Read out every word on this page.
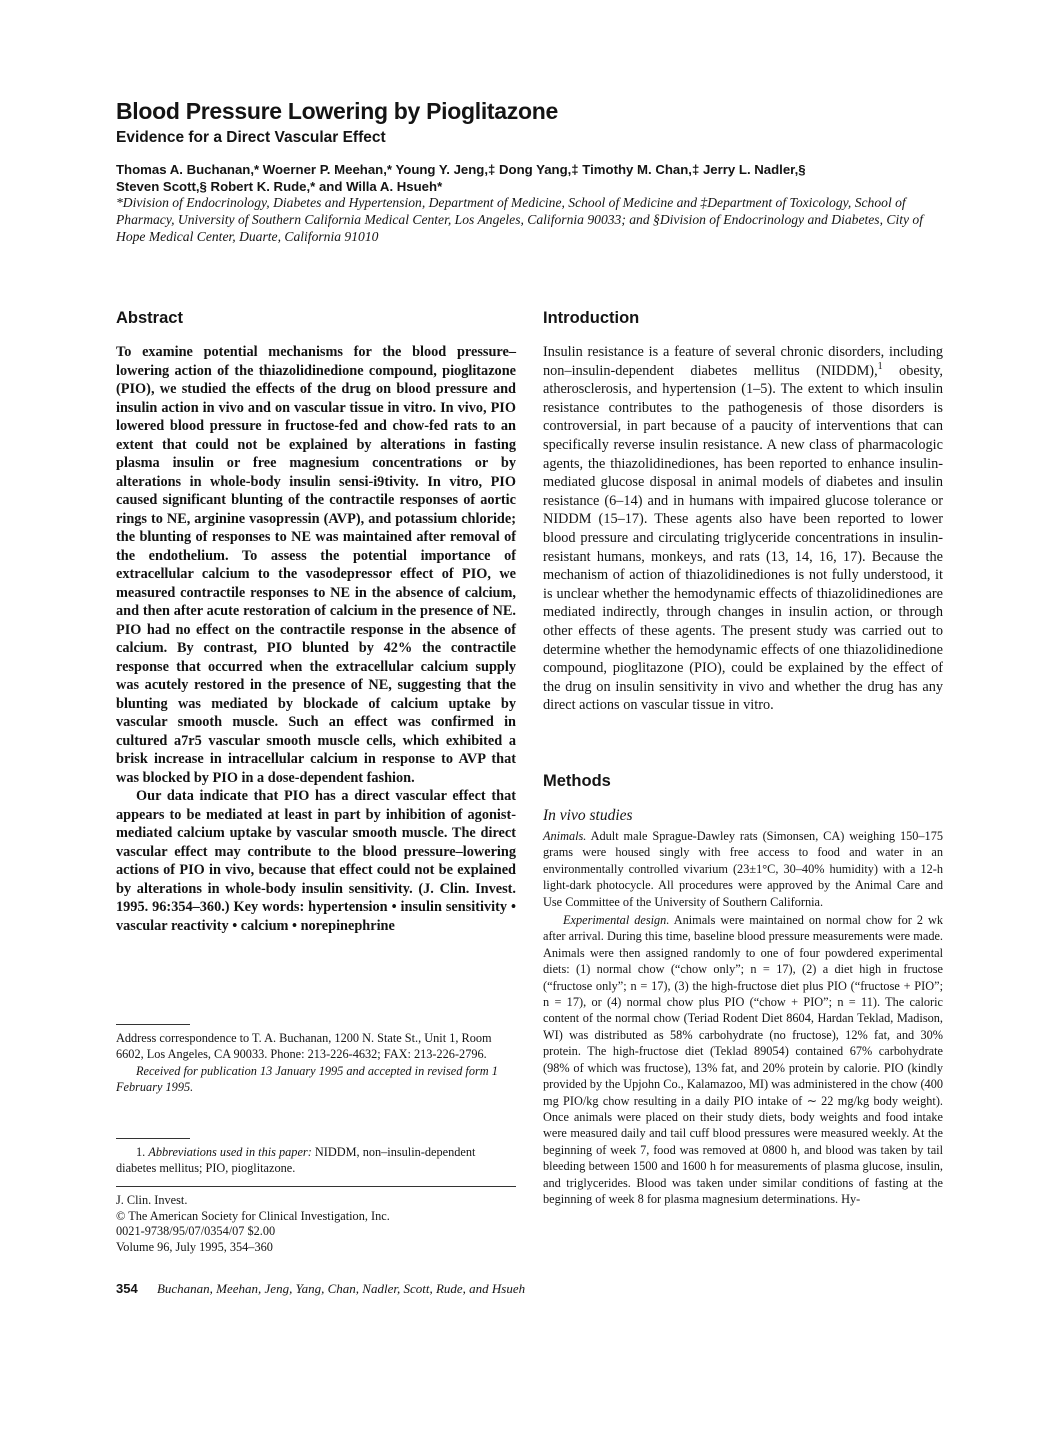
Blood Pressure Lowering by Pioglitazone
Evidence for a Direct Vascular Effect
Thomas A. Buchanan,* Woerner P. Meehan,* Young Y. Jeng,‡ Dong Yang,‡ Timothy M. Chan,‡ Jerry L. Nadler,§
Steven Scott,§ Robert K. Rude,* and Willa A. Hsueh*
*Division of Endocrinology, Diabetes and Hypertension, Department of Medicine, School of Medicine and ‡Department of Toxicology, School of Pharmacy, University of Southern California Medical Center, Los Angeles, California 90033; and §Division of Endocrinology and Diabetes, City of Hope Medical Center, Duarte, California 91010
Abstract

To examine potential mechanisms for the blood pressure–lowering action of the thiazolidinedione compound, pioglitazone (PIO), we studied the effects of the drug on blood pressure and insulin action in vivo and on vascular tissue in vitro. In vivo, PIO lowered blood pressure in fructose-fed and chow-fed rats to an extent that could not be explained by alterations in fasting plasma insulin or free magnesium concentrations or by alterations in whole-body insulin sensi-i9tivity. In vitro, PIO caused significant blunting of the contractile responses of aortic rings to NE, arginine vasopressin (AVP), and potassium chloride; the blunting of responses to NE was maintained after removal of the endothelium. To assess the potential importance of extracellular calcium to the vasodepressor effect of PIO, we measured contractile responses to NE in the absence of calcium, and then after acute restoration of calcium in the presence of NE. PIO had no effect on the contractile response in the absence of calcium. By contrast, PIO blunted by 42% the contractile response that occurred when the extracellular calcium supply was acutely restored in the presence of NE, suggesting that the blunting was mediated by blockade of calcium uptake by vascular smooth muscle. Such an effect was confirmed in cultured a7r5 vascular smooth muscle cells, which exhibited a brisk increase in intracellular calcium in response to AVP that was blocked by PIO in a dose-dependent fashion.

Our data indicate that PIO has a direct vascular effect that appears to be mediated at least in part by inhibition of agonist-mediated calcium uptake by vascular smooth muscle. The direct vascular effect may contribute to the blood pressure–lowering actions of PIO in vivo, because that effect could not be explained by alterations in whole-body insulin sensitivity. (J. Clin. Invest. 1995. 96:354–360.) Key words: hypertension • insulin sensitivity • vascular reactivity • calcium • norepinephrine

Introduction

Insulin resistance is a feature of several chronic disorders, including non–insulin-dependent diabetes mellitus (NIDDM),$^1$ obesity, atherosclerosis, and hypertension (1–5). The extent to which insulin resistance contributes to the pathogenesis of those disorders is controversial, in part because of a paucity of interventions that can specifically reverse insulin resistance. A new class of pharmacologic agents, the thiazolidinediones, has been reported to enhance insulin-mediated glucose disposal in animal models of diabetes and insulin resistance (6–14) and in humans with impaired glucose tolerance or NIDDM (15–17). These agents also have been reported to lower blood pressure and circulating triglyceride concentrations in insulin-resistant humans, monkeys, and rats (13, 14, 16, 17). Because the mechanism of action of thiazolidinediones is not fully understood, it is unclear whether the hemodynamic effects of thiazolidinediones are mediated indirectly, through changes in insulin action, or through other effects of these agents. The present study was carried out to determine whether the hemodynamic effects of one thiazolidinedione compound, pioglitazone (PIO), could be explained by the effect of the drug on insulin sensitivity in vivo and whether the drug has any direct actions on vascular tissue in vitro.

Methods
In vivo studies

Animals. Adult male Sprague-Dawley rats (Simonsen, CA) weighing 150–175 grams were housed singly with free access to food and water in an environmentally controlled vivarium (23±1°C, 30–40% humidity) with a 12-h light-dark photocycle. All procedures were approved by the Animal Care and Use Committee of the University of Southern California.

Experimental design. Animals were maintained on normal chow for 2 wk after arrival. During this time, baseline blood pressure measurements were made. Animals were then assigned randomly to one of four powdered experimental diets: (1) normal chow (“chow only”; n = 17), (2) a diet high in fructose (“fructose only”; n = 17), (3) the high-fructose diet plus PIO (“fructose + PIO”; n = 17), or (4) normal chow plus PIO (“chow + PIO”; n = 11). The caloric content of the normal chow (Teriad Rodent Diet 8604, Hardan Teklad, Madison, WI) was distributed as 58% carbohydrate (no fructose), 12% fat, and 30% protein. The high-fructose diet (Teklad 89054) contained 67% carbohydrate (98% of which was fructose), 13% fat, and 20% protein by calorie. PIO (kindly provided by the Upjohn Co., Kalamazoo, MI) was administered in the chow (400 mg PIO/kg chow resulting in a daily PIO intake of ∼ 22 mg/kg body weight). Once animals were placed on their study diets, body weights and food intake were measured daily and tail cuff blood pressures were measured weekly. At the beginning of week 7, food was removed at 0800 h, and blood was taken by tail bleeding between 1500 and 1600 h for measurements of plasma glucose, insulin, and triglycerides. Blood was taken under similar conditions of fasting at the beginning of week 8 for plasma magnesium determinations. Hy-

Address correspondence to T. A. Buchanan, 1200 N. State St., Unit 1, Room 6602, Los Angeles, CA 90033. Phone: 213-226-4632; FAX: 213-226-2796.

Received for publication 13 January 1995 and accepted in revised form 1 February 1995.

1. Abbreviations used in this paper: NIDDM, non–insulin-dependent diabetes mellitus; PIO, pioglitazone.

J. Clin. Invest.

© The American Society for Clinical Investigation, Inc.

0021-9738/95/07/0354/07 $2.00

Volume 96, July 1995, 354–360

354 Buchanan, Meehan, Jeng, Yang, Chan, Nadler, Scott, Rude, and Hsueh
